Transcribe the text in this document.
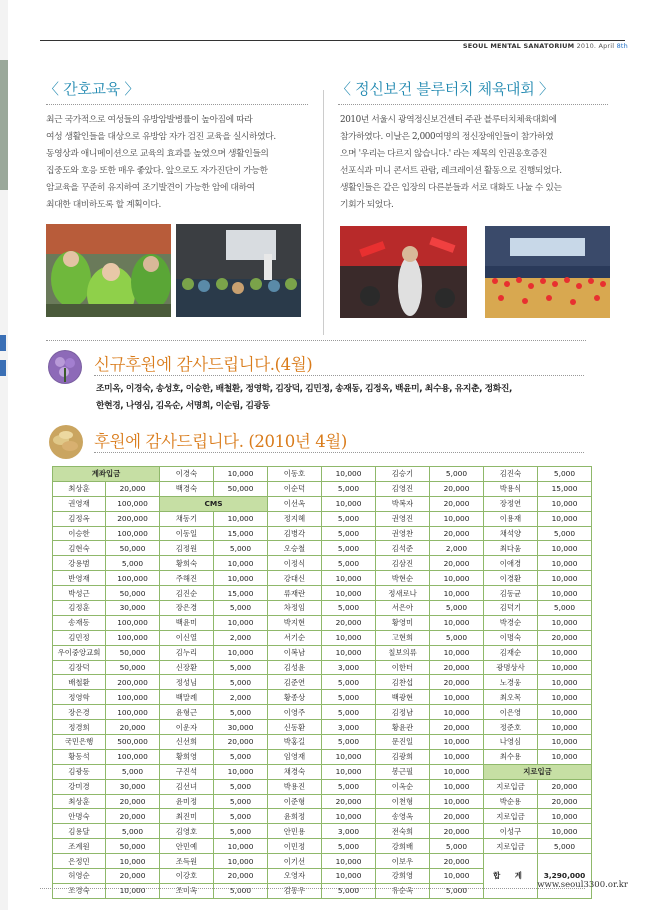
SEOUL MENTAL SANATORIUM 2010. April 8th
〈 간호교육 〉
최근 국가적으로 여성들의 유방암발병률이 높아짐에 따라
여성 생활인들을 대상으로 유방암 자가 검진 교육을 실시하였다.
동영상과 애니메이션으로 교육의 효과를 높였으며 생활인들의
집중도와 호응 또한 매우 좋았다. 앞으로도 자가진단이 가능한
암교육을 꾸준히 유지하여 조기발견이 가능한 암에 대하여
최대한 대비하도록 할 계획이다.
〈 정신보건 블루터치 체육대회 〉
2010년 서울시 광역정신보건센터 주관 블루터치체육대회에
참가하였다. 이날은 2,000여명의 정신장애인들이 참가하였
으며 '우리는 다르지 않습니다.' 라는 제목의 인권옹호증진
선포식과 미니 콘서트 관람, 레크레이션 활동으로 진행되었다.
생활인들은 같은 입장의 다른분들과 서로 대화도 나눌 수 있는
기회가 되었다.
신규후원에 감사드립니다.(4월)
조미옥, 이경숙, 송성호, 이승한, 배철환, 정영학, 김장덕, 김민정, 송재동, 김정옥, 백윤미, 최수용, 유지춘, 정화진,
한현경, 나영심, 김옥순, 서명희, 이순림, 김광동
후원에 감사드립니다. (2010년 4월)
계좌입금		이경숙	10,000	이동호	10,000	김승기	5,000	김진숙	5,000
최상훈	20,000	백경숙	50,000	이순덕	5,000	김영진	20,000	박용식	15,000
권영재	100,000	CMS		이선옥	10,000	박복자	20,000	장정연	10,000
김정옥	200,000	채동기	10,000	정지혜	5,000	권영진	10,000	이용재	10,000
이승한	100,000	이동일	15,000	김병각	5,000	권영찬	20,000	채석양	5,000
김현숙	50,000	김정원	5,000	오승철	5,000	김석준	2,000	최다움	10,000
강용범	5,000	황희숙	10,000	이정식	5,000	김삼진	20,000	이애경	10,000
반영재	100,000	주해진	10,000	강대신	10,000	박현순	10,000	이경환	10,000
박성근	50,000	김진순	15,000	류재란	10,000	정새로나	10,000	김동균	10,000
김정훈	30,000	장은경	5,000	차정임	5,000	서은아	5,000	김덕기	5,000
송재동	100,000	백윤미	10,000	박지현	20,000	황영미	10,000	박경순	10,000
김민정	100,000	이신열	2,000	서기순	10,000	고현희	5,000	이명숙	20,000
우이중앙교회	50,000	김누리	10,000	이복남	10,000	칠보의류	10,000	김재순	10,000
김장덕	50,000	신장환	5,000	김성윤	3,000	이한터	20,000	광명상사	10,000
배철환	200,000	정성님	5,000	김준연	5,000	김찬섭	20,000	노경웅	10,000
정영학	100,000	백말례	2,000	황종상	5,000	백광현	10,000	최오목	10,000
장은경	100,000	윤형근	5,000	이영주	5,000	김정남	10,000	이은영	10,000
정경희	20,000	이운자	30,000	신동환	3,000	황윤관	20,000	정준호	10,000
국민은행	500,000	신선희	20,000	박홍길	5,000	문진일	10,000	나영심	10,000
황동석	100,000	황희영	5,000	임영재	10,000	김광희	10,000	최수용	10,000
김광동	5,000	구진석	10,000	채경숙	10,000	봉근필	10,000	지로입금	
강미경	30,000	김선녀	5,000	박용진	5,000	이옥순	10,000	지로입금	20,000
최상훈	20,000	윤미정	5,000	이준형	20,000	이천형	10,000	박순용	20,000
안명숙	20,000	최진미	5,000	윤희정	10,000	송영옥	20,000	지로입금	10,000
김용달	5,000	김영호	5,000	안민용	3,000	전숙희	20,000	이성구	10,000
조계원	50,000	안민예	10,000	이민정	5,000	강희배	5,000	지로입금	5,000
은정민	10,000	조득원	10,000	이기선	10,000	이보우	20,000	합 계	3,290,000
허영순	20,000	이강호	20,000	오영자	10,000	강희영	10,000		
조경숙	10,000	조미옥	5,000	김동우	5,000	유순옥	5,000		
www.seoul3300.or.kr
